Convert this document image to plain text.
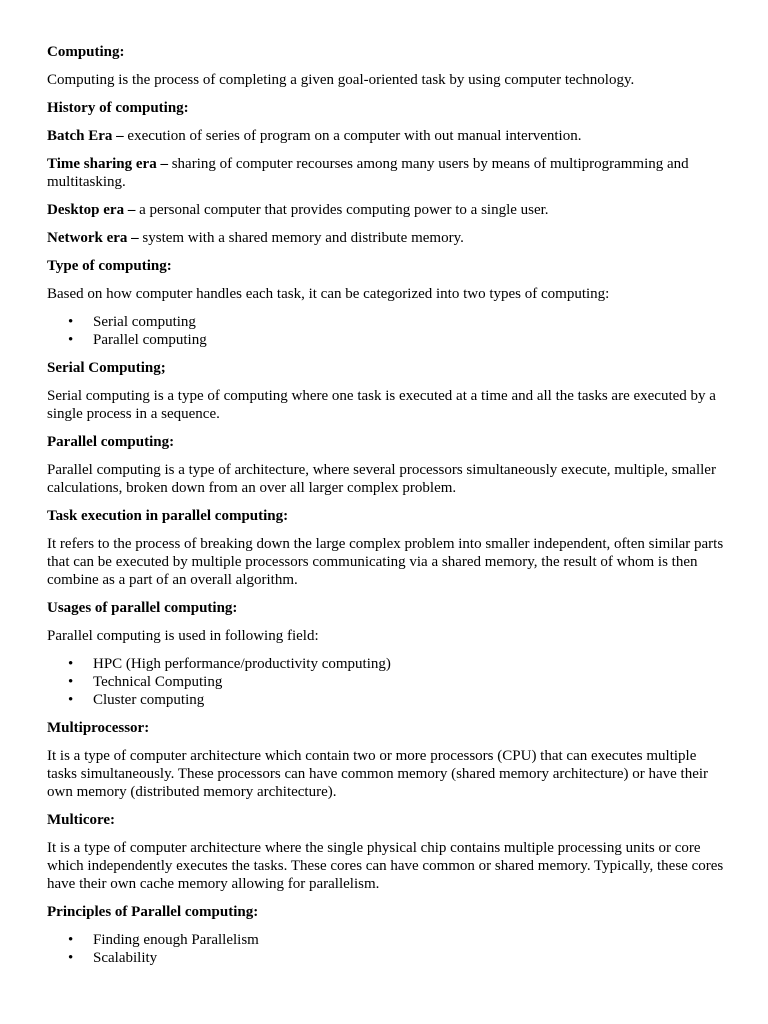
Computing:

Computing is the process of completing a given goal-oriented task by using computer technology.

History of computing:

Batch Era – execution of series of program on a computer with out manual intervention.

Time sharing era – sharing of computer recourses among many users by means of multiprogramming and multitasking.

Desktop era – a personal computer that provides computing power to a single user.

Network era – system with a shared memory and distribute memory.

Type of computing:

Based on how computer handles each task, it can be categorized into two types of computing:

• Serial computing
• Parallel computing

Serial Computing;

Serial computing is a type of computing where one task is executed at a time and all the tasks are executed by a single process in a sequence.

Parallel computing:

Parallel computing is a type of architecture, where several processors simultaneously execute, multiple, smaller calculations, broken down from an over all larger complex problem.

Task execution in parallel computing:

It refers to the process of breaking down the large complex problem into smaller independent, often similar parts that can be executed by multiple processors communicating via a shared memory, the result of whom is then combine as a part of an overall algorithm.

Usages of parallel computing:

Parallel computing is used in following field:

• HPC (High performance/productivity computing)
• Technical Computing
• Cluster computing

Multiprocessor:

It is a type of computer architecture which contain two or more processors (CPU) that can executes multiple tasks simultaneously. These processors can have common memory (shared memory architecture) or have their own memory (distributed memory architecture).

Multicore:

It is a type of computer architecture where the single physical chip contains multiple processing units or core which independently executes the tasks. These cores can have common or shared memory. Typically, these cores have their own cache memory allowing for parallelism.

Principles of Parallel computing:

• Finding enough Parallelism
• Scalability
